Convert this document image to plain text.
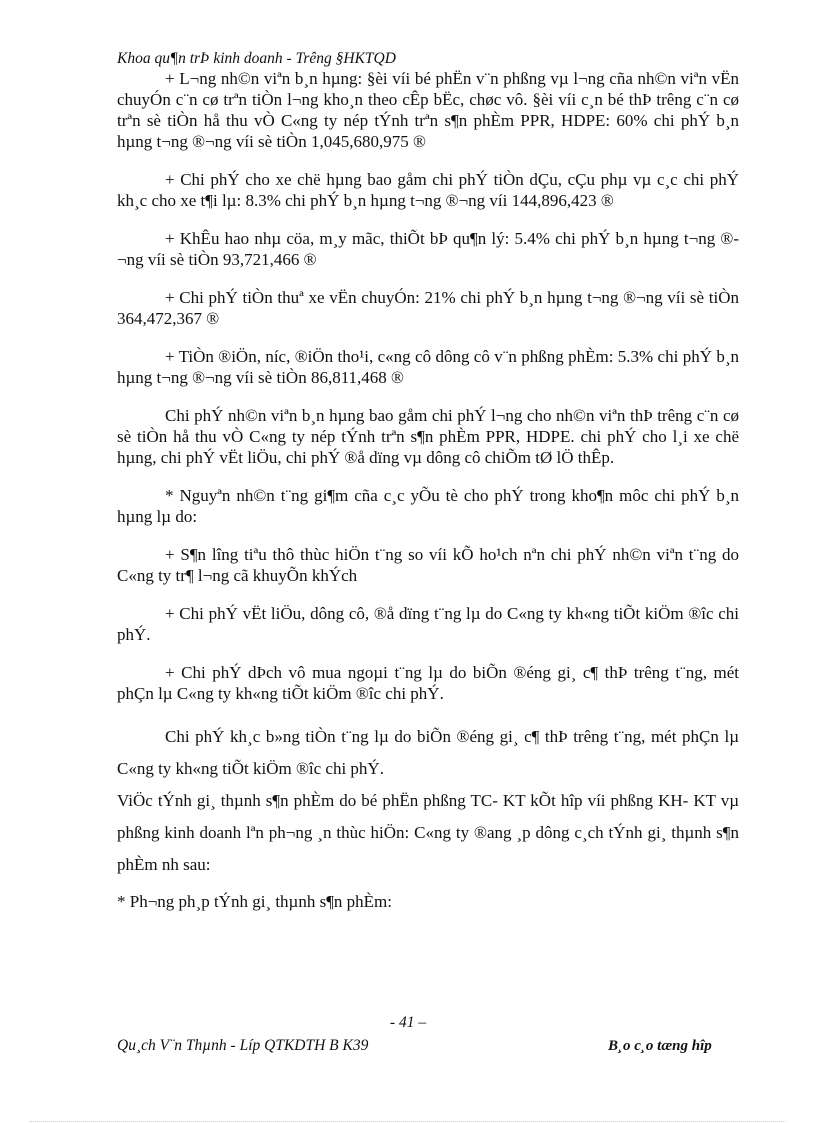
Khoa qu¶n trÞ kinh doanh - Trêng §HKTQD

+ L¬ng nh©n viªn b¸n hµng: §èi víi bé phËn v¨n phßng vµ l¬ng cña nh©n viªn vËn chuyÓn c¨n cø trªn tiÒn l¬ng kho¸n theo cÊp bËc, chøc vô. §èi víi c¸n bé thÞ trêng c¨n cø trªn sè tiÒn hå thu vÒ C«ng ty nép tÝnh trªn s¶n phÈm PPR, HDPE: 60% chi phÝ b¸n hµng t¬ng ®¬ng víi sè tiÒn 1,045,680,975 ®

+ Chi phÝ cho xe chë hµng bao gåm chi phÝ tiÒn dÇu, cÇu phµ vµ c¸c chi phÝ kh¸c cho xe t¶i lµ: 8.3% chi phÝ b¸n hµng t¬ng ®¬ng víi 144,896,423 ®

+ KhÊu hao nhµ cöa, m¸y mãc, thiÕt bÞ qu¶n lý: 5.4% chi phÝ b¸n hµng t¬ng ®¬ng víi sè tiÒn 93,721,466 ®

+ Chi phÝ tiÒn thuª xe vËn chuyÓn: 21% chi phÝ b¸n hµng t¬ng ®¬ng víi sè tiÒn 364,472,367 ®

+ TiÒn ®iÖn, níc, ®iÖn tho¹i, c«ng cô dông cô v¨n phßng phÈm: 5.3% chi phÝ b¸n hµng t¬ng ®¬ng víi sè tiÒn 86,811,468 ®

Chi phÝ nh©n viªn b¸n hµng bao gåm chi phÝ l¬ng cho nh©n viªn thÞ trêng c¨n cø sè tiÒn hå thu vÒ C«ng ty nép tÝnh trªn s¶n phÈm PPR, HDPE. chi phÝ cho l¸i xe chë hµng, chi phÝ vËt liÖu, chi phÝ ®å dïng vµ dông cô chiÕm tØ lÖ thÊp.

* Nguyªn nh©n t¨ng gi¶m cña c¸c yÕu tè cho phÝ trong kho¶n môc chi phÝ b¸n hµng lµ do:

+ S¶n lîng tiªu thô thùc hiÖn t¨ng so víi kÕ ho¹ch nªn chi phÝ nh©n viªn t¨ng do C«ng ty tr¶ l¬ng cã khuyÕn khÝch

+ Chi phÝ vËt liÖu, dông cô, ®å dïng t¨ng lµ do C«ng ty kh«ng tiÕt kiÖm ®îc chi phÝ.

+ Chi phÝ dÞch vô mua ngoµi t¨ng lµ do biÕn ®éng gi¸ c¶ thÞ trêng t¨ng, mét phÇn lµ C«ng ty kh«ng tiÕt kiÖm ®îc chi phÝ.

Chi phÝ kh¸c b»ng tiÒn t¨ng lµ do biÕn ®éng gi¸ c¶ thÞ trêng t¨ng, mét phÇn lµ C«ng ty kh«ng tiÕt kiÖm ®îc chi phÝ.

ViÖc tÝnh gi¸ thµnh s¶n phÈm do bé phËn phßng TC- KT kÕt hîp víi phßng KH- KT vµ phßng kinh doanh lªn ph¬ng ¸n thùc hiÖn: C«ng ty ®ang ¸p dông c¸ch tÝnh gi¸ thµnh s¶n phÈm nh sau:

* Ph¬ng ph¸p tÝnh gi¸ thµnh s¶n phÈm:

- 41 –
Qu¸ch V¨n Thµnh - Líp QTKDTH B K39	B¸o c¸o tæng hîp
